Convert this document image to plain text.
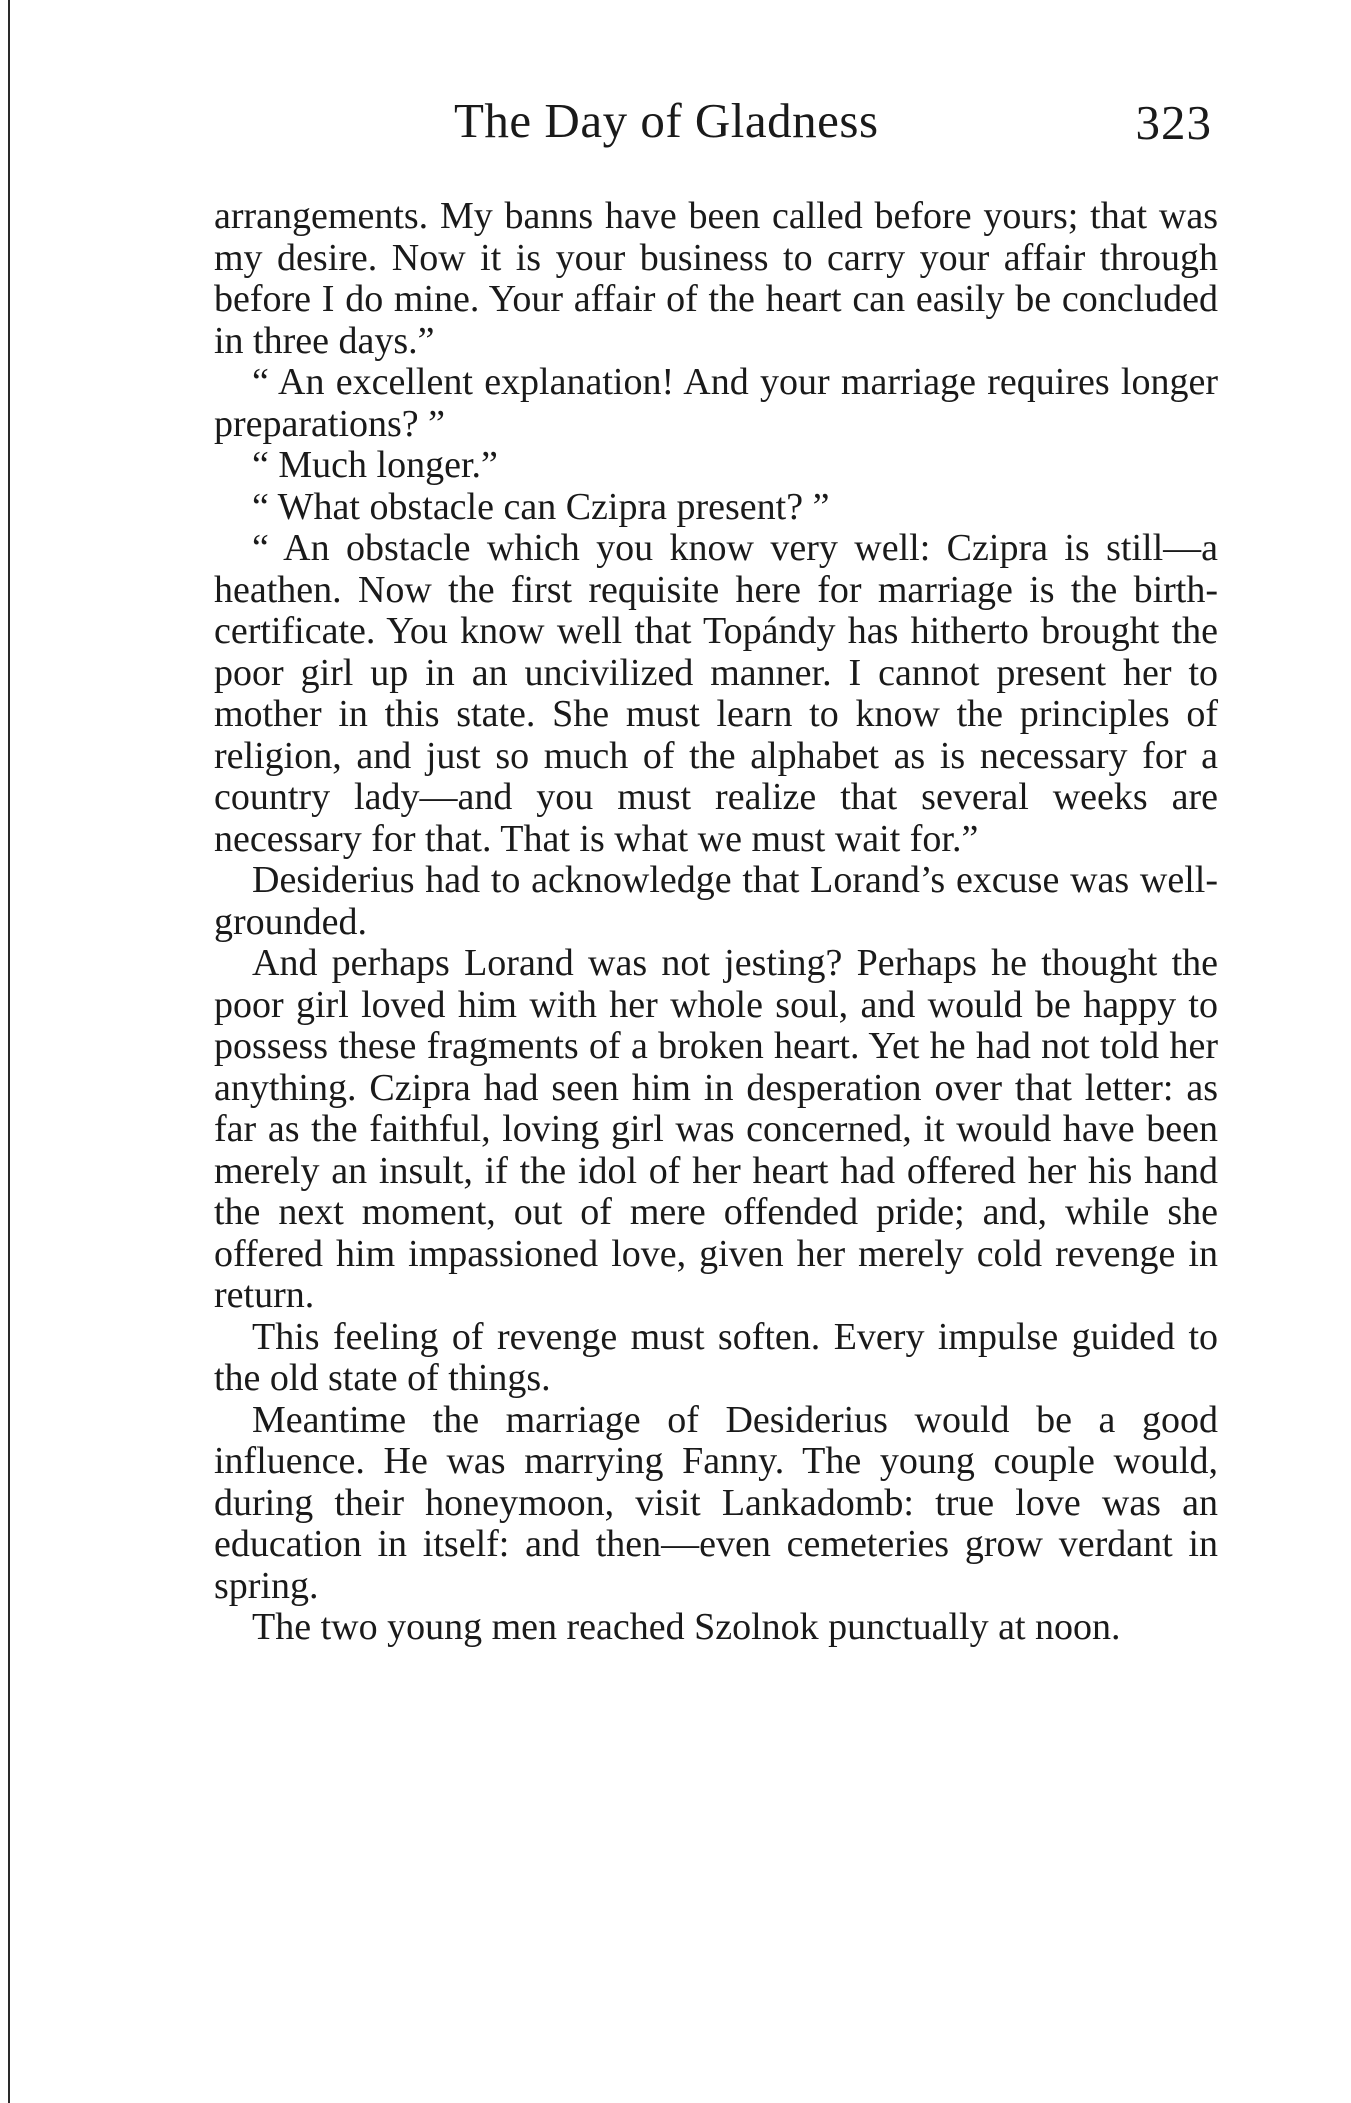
The Day of Gladness	323

arrangements. My banns have been called before yours; that was my desire. Now it is your business to carry your affair through before I do mine. Your affair of the heart can easily be concluded in three days.”

“ An excellent explanation! And your marriage requires longer preparations? ”

“ Much longer.”

“ What obstacle can Czipra present? ”

“ An obstacle which you know very well: Czipra is still—a heathen. Now the first requisite here for marriage is the birth-certificate. You know well that Topándy has hitherto brought the poor girl up in an uncivilized manner. I cannot present her to mother in this state. She must learn to know the principles of religion, and just so much of the alphabet as is necessary for a country lady—and you must realize that several weeks are necessary for that. That is what we must wait for.”

Desiderius had to acknowledge that Lorand’s excuse was well-grounded.

And perhaps Lorand was not jesting? Perhaps he thought the poor girl loved him with her whole soul, and would be happy to possess these fragments of a broken heart. Yet he had not told her anything. Czipra had seen him in desperation over that letter: as far as the faithful, loving girl was concerned, it would have been merely an insult, if the idol of her heart had offered her his hand the next moment, out of mere offended pride; and, while she offered him impassioned love, given her merely cold revenge in return.

This feeling of revenge must soften. Every impulse guided to the old state of things.

Meantime the marriage of Desiderius would be a good influence. He was marrying Fanny. The young couple would, during their honeymoon, visit Lankadomb: true love was an education in itself: and then—even cemeteries grow verdant in spring.

The two young men reached Szolnok punctually at noon.
